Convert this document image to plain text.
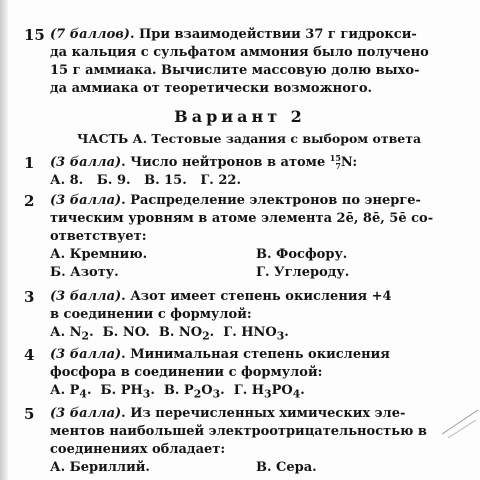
15 (7 баллов). При взаимодействии 37 г гидрокси-
да кальция с сульфатом аммония было получено
15 г аммиака. Вычислите массовую долю выхо-
да аммиака от теоретически возможного.
Вариант 2
ЧАСТЬ А. Тестовые задания с выбором ответа
1 (3 балла). Число нейтронов в атоме 15
7N:
А. 8.   Б. 9.   В. 15.   Г. 22.
2 (3 балла). Распределение электронов по энерге-
тическим уровням в атоме элемента 2ē, 8ē, 5ē со-
ответствует:
А. Кремнию.	В. Фосфору.
Б. Азоту.	Г. Углероду.
3 (3 балла). Азот имеет степень окисления +4
в соединении с формулой:
А. $N_2$.  Б. NO.  В. $NO_2$.  Г. $HNO_3$.
4 (3 балла). Минимальная степень окисления
фосфора в соединении с формулой:
А. $P_4$.  Б. $PH_3$.  В. $P_2O_3$.  Г. $H_3PO_4$.
5 (3 балла). Из перечисленных химических эле-
ментов наибольшей электроотрицательностью в
соединениях обладает:
А. Бериллий.	В. Сера.
